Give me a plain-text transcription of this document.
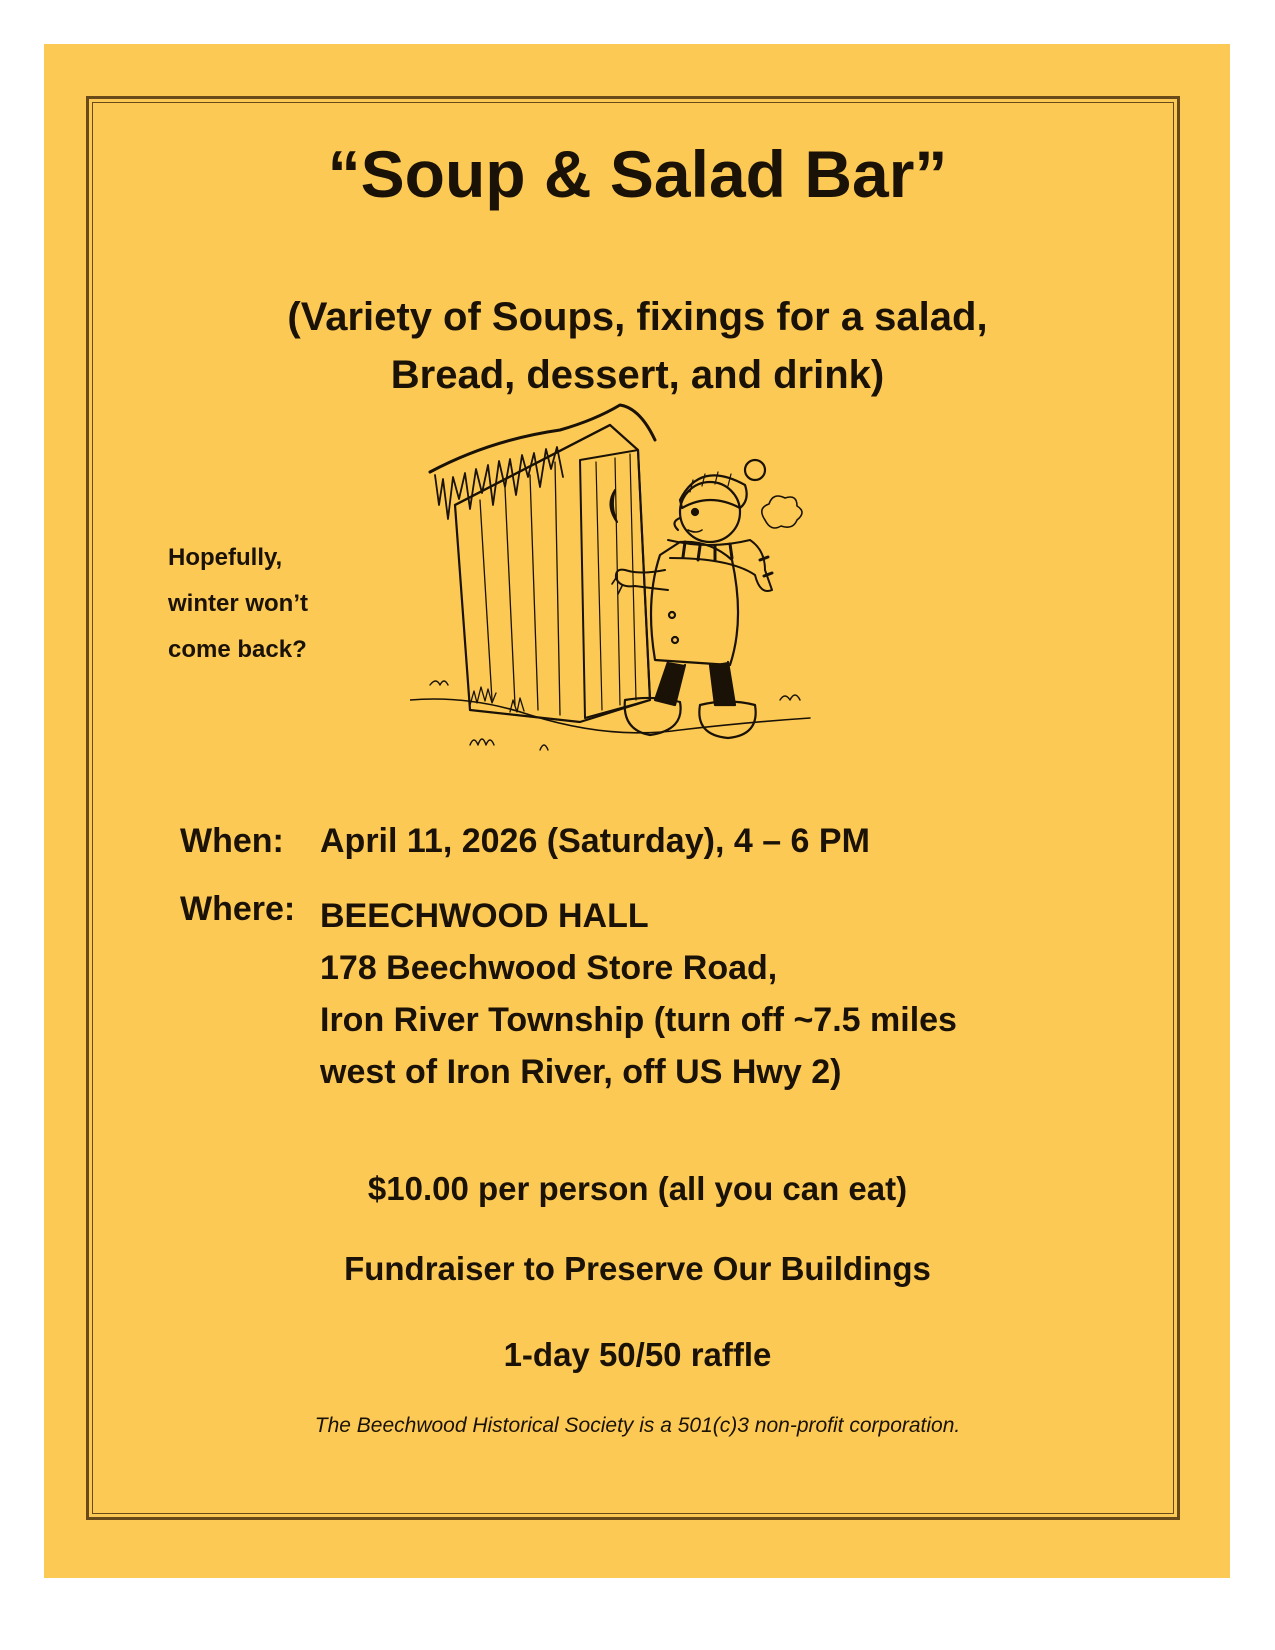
“Soup & Salad Bar”
(Variety of Soups, fixings for a salad,
Bread, dessert, and drink)
Hopefully,
winter won’t
come back?
When: April 11, 2026 (Saturday), 4 – 6 PM
Where: BEECHWOOD HALL
178 Beechwood Store Road,
Iron River Township (turn off ~7.5 miles
west of Iron River, off US Hwy 2)
$10.00 per person (all you can eat)
Fundraiser to Preserve Our Buildings
1-day 50/50 raffle
The Beechwood Historical Society is a 501(c)3 non-profit corporation.
